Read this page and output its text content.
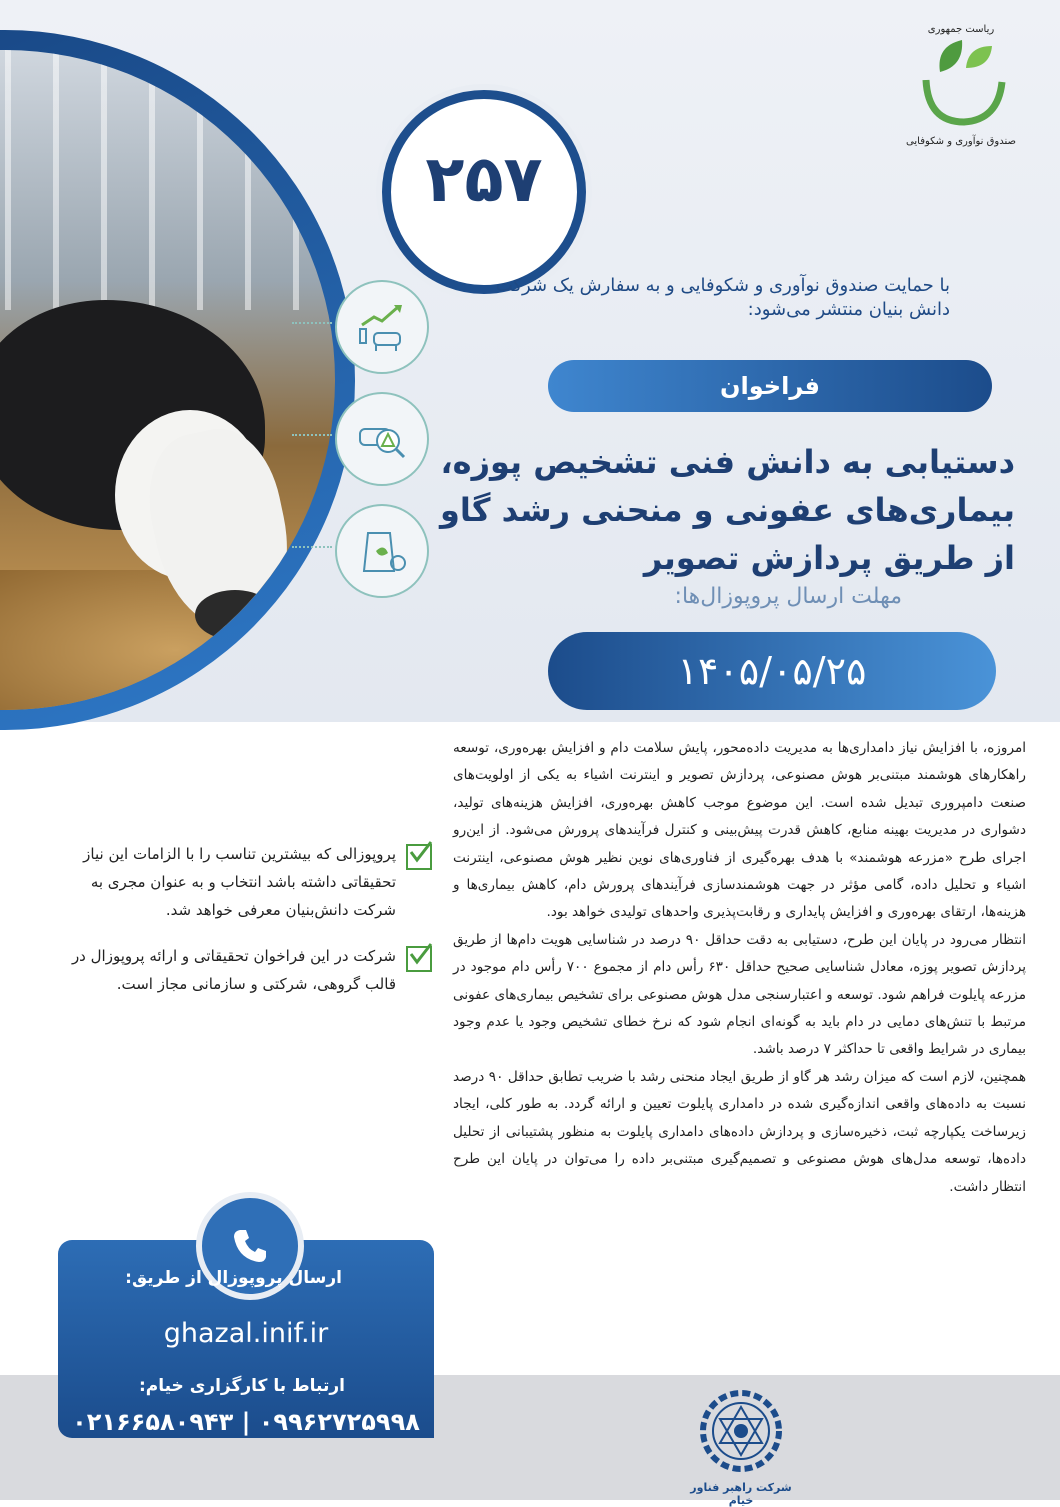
۲۵۷
ریاست جمهوری
صندوق نوآوری و شکوفایی
با حمایت صندوق نوآوری و شکوفایی و به سفارش یک شرکت دانش بنیان منتشر می‌شود:
فراخوان
دستیابی به دانش فنی تشخیص پوزه، بیماری‌های عفونی و منحنی رشد گاو از طریق پردازش تصویر
مهلت ارسال پروپوزال‌ها:
۱۴۰۵/۰۵/۲۵

امروزه، با افزایش نیاز دامداری‌ها به مدیریت داده‌محور، پایش سلامت دام و افزایش بهره‌وری، توسعه راهکارهای هوشمند مبتنی‌بر هوش مصنوعی، پردازش تصویر و اینترنت اشیاء به یکی از اولویت‌های صنعت دامپروری تبدیل شده است. این موضوع موجب کاهش بهره‌وری، افزایش هزینه‌های تولید، دشواری در مدیریت بهینه منابع، کاهش قدرت پیش‌بینی و کنترل فرآیندهای پرورش می‌شود. از این‌رو اجرای طرح «مزرعه هوشمند» با هدف بهره‌گیری از فناوری‌های نوین نظیر هوش مصنوعی، اینترنت اشیاء و تحلیل داده، گامی مؤثر در جهت هوشمندسازی فرآیندهای پرورش دام، کاهش بیماری‌ها و هزینه‌ها، ارتقای بهره‌وری و افزایش پایداری و رقابت‌پذیری واحدهای تولیدی خواهد بود.

انتظار می‌رود در پایان این طرح، دستیابی به دقت حداقل ۹۰ درصد در شناسایی هویت دام‌ها از طریق پردازش تصویر پوزه، معادل شناسایی صحیح حداقل ۶۳۰ رأس دام از مجموع ۷۰۰ رأس دام موجود در مزرعه پایلوت فراهم شود. توسعه و اعتبارسنجی مدل هوش مصنوعی برای تشخیص بیماری‌های عفونی مرتبط با تنش‌های دمایی در دام باید به گونه‌ای انجام شود که نرخ خطای تشخیص وجود یا عدم وجود بیماری در شرایط واقعی تا حداکثر ۷ درصد باشد.

همچنین، لازم است که میزان رشد هر گاو از طریق ایجاد منحنی رشد با ضریب تطابق حداقل ۹۰ درصد نسبت به داده‌های واقعی اندازه‌گیری شده در دامداری پایلوت تعیین و ارائه گردد. به طور کلی، ایجاد زیرساخت یکپارچه ثبت، ذخیره‌سازی و پردازش داده‌های دامداری پایلوت به منظور پشتیبانی از تحلیل داده‌ها، توسعه مدل‌های هوش مصنوعی و تصمیم‌گیری مبتنی‌بر داده را می‌توان در پایان این طرح انتظار داشت.

پروپوزالی که بیشترین تناسب را با الزامات این نیاز تحقیقاتی داشته باشد انتخاب و به عنوان مجری به شرکت دانش‌بنیان معرفی خواهد شد.
شرکت در این فراخوان تحقیقاتی و ارائه پروپوزال در قالب گروهی، شرکتی و سازمانی مجاز است.
ارسال پروپوزال از طریق:
ghazal.inif.ir
ارتباط با کارگزاری خیام:
۰۲۱۶۶۵۸۰۹۴۳ | ۰۹۹۶۲۷۲۵۹۹۸
شرکت راهبر فناور خیام
